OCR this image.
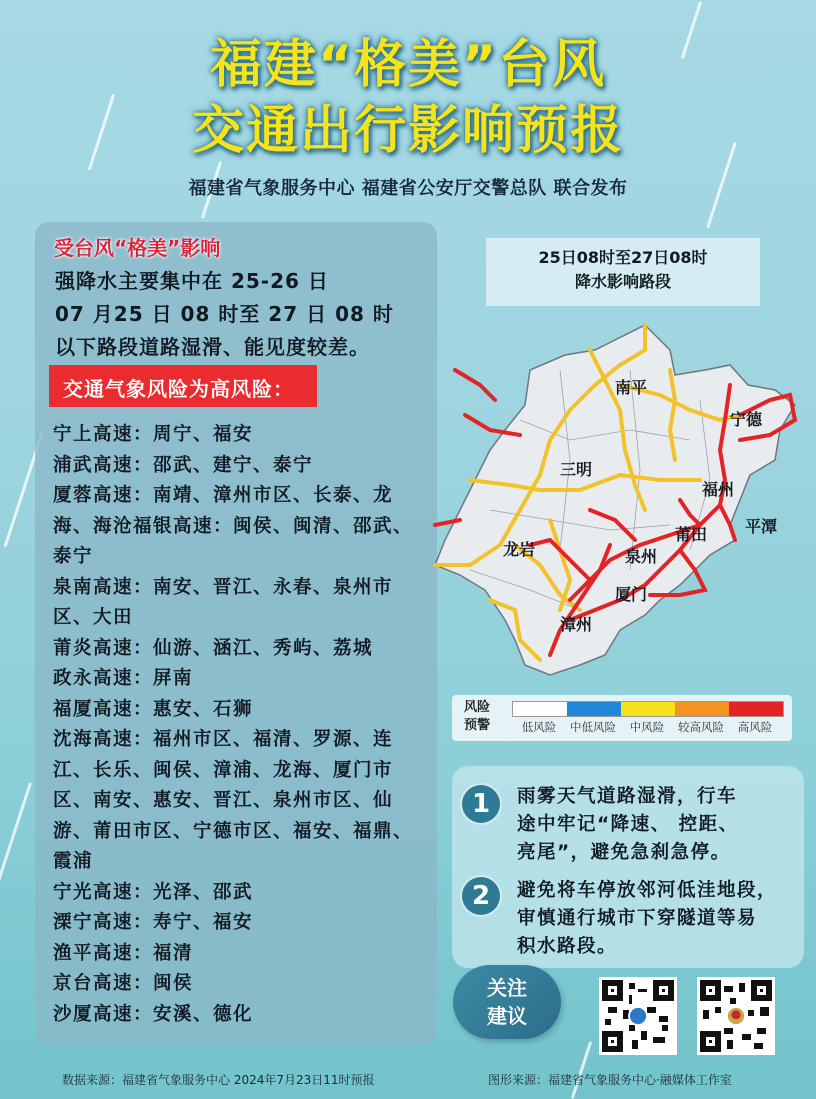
福建“格美”台风
交通出行影响预报
福建省气象服务中心 福建省公安厅交警总队 联合发布
受台风“格美”影响
强降水主要集中在 25-26 日
07 月25 日 08 时至 27 日 08 时
以下路段道路湿滑、能见度较差。
交通气象风险为高风险：
宁上高速：周宁、福安
浦武高速：邵武、建宁、泰宁
厦蓉高速：南靖、漳州市区、长泰、龙
海、海沧福银高速：闽侯、闽清、邵武、
泰宁
泉南高速：南安、晋江、永春、泉州市
区、大田
莆炎高速：仙游、涵江、秀屿、荔城
政永高速：屏南
福厦高速：惠安、石狮
沈海高速：福州市区、福清、罗源、连
江、长乐、闽侯、漳浦、龙海、厦门市
区、南安、惠安、晋江、泉州市区、仙
游、莆田市区、宁德市区、福安、福鼎、
霞浦
宁光高速：光泽、邵武
溧宁高速：寿宁、福安
渔平高速：福清
京台高速：闽侯
沙厦高速：安溪、德化
25日08时至27日08时
降水影响路段
南平
宁德
三明
福州
平潭
龙岩
莆田
泉州
厦门
漳州
风险
预警	低风险	中低风险	中风险	较高风险	高风险
1	雨雾天气道路湿滑，行车
途中牢记“降速、 控距、
亮尾”，避免急刹急停。
2	避免将车停放邻河低洼地段，
审慎通行城市下穿隧道等易
积水路段。
关注
建议
数据来源：福建省气象服务中心 2024年7月23日11时预报	图形来源：福建省气象服务中心·融媒体工作室
